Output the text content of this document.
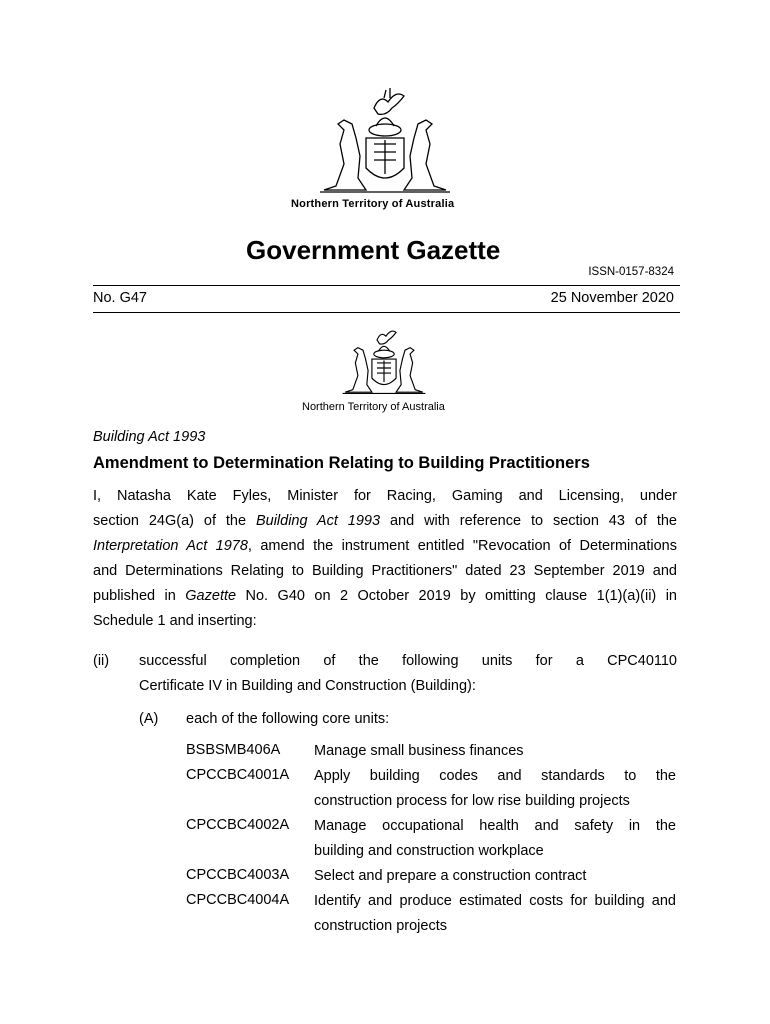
Northern Territory of Australia
Government Gazette
ISSN-0157-8324
No. G47	25 November 2020
Northern Territory of Australia
Building Act 1993
Amendment to Determination Relating to Building Practitioners
I, Natasha Kate Fyles, Minister for Racing, Gaming and Licensing, under
section 24G(a) of the Building Act 1993 and with reference to section 43 of the
Interpretation Act 1978, amend the instrument entitled "Revocation of Determinations
and Determinations Relating to Building Practitioners" dated 23 September 2019 and
published in Gazette No. G40 on 2 October 2019 by omitting clause 1(1)(a)(ii) in
Schedule 1 and inserting:
(ii) successful completion of the following units for a CPC40110
Certificate IV in Building and Construction (Building):
(A) each of the following core units:
BSBSMB406A Manage small business finances
CPCCBC4001A Apply building codes and standards to the
construction process for low rise building projects
CPCCBC4002A Manage occupational health and safety in the
building and construction workplace
CPCCBC4003A Select and prepare a construction contract
CPCCBC4004A Identify and produce estimated costs for building and
construction projects
